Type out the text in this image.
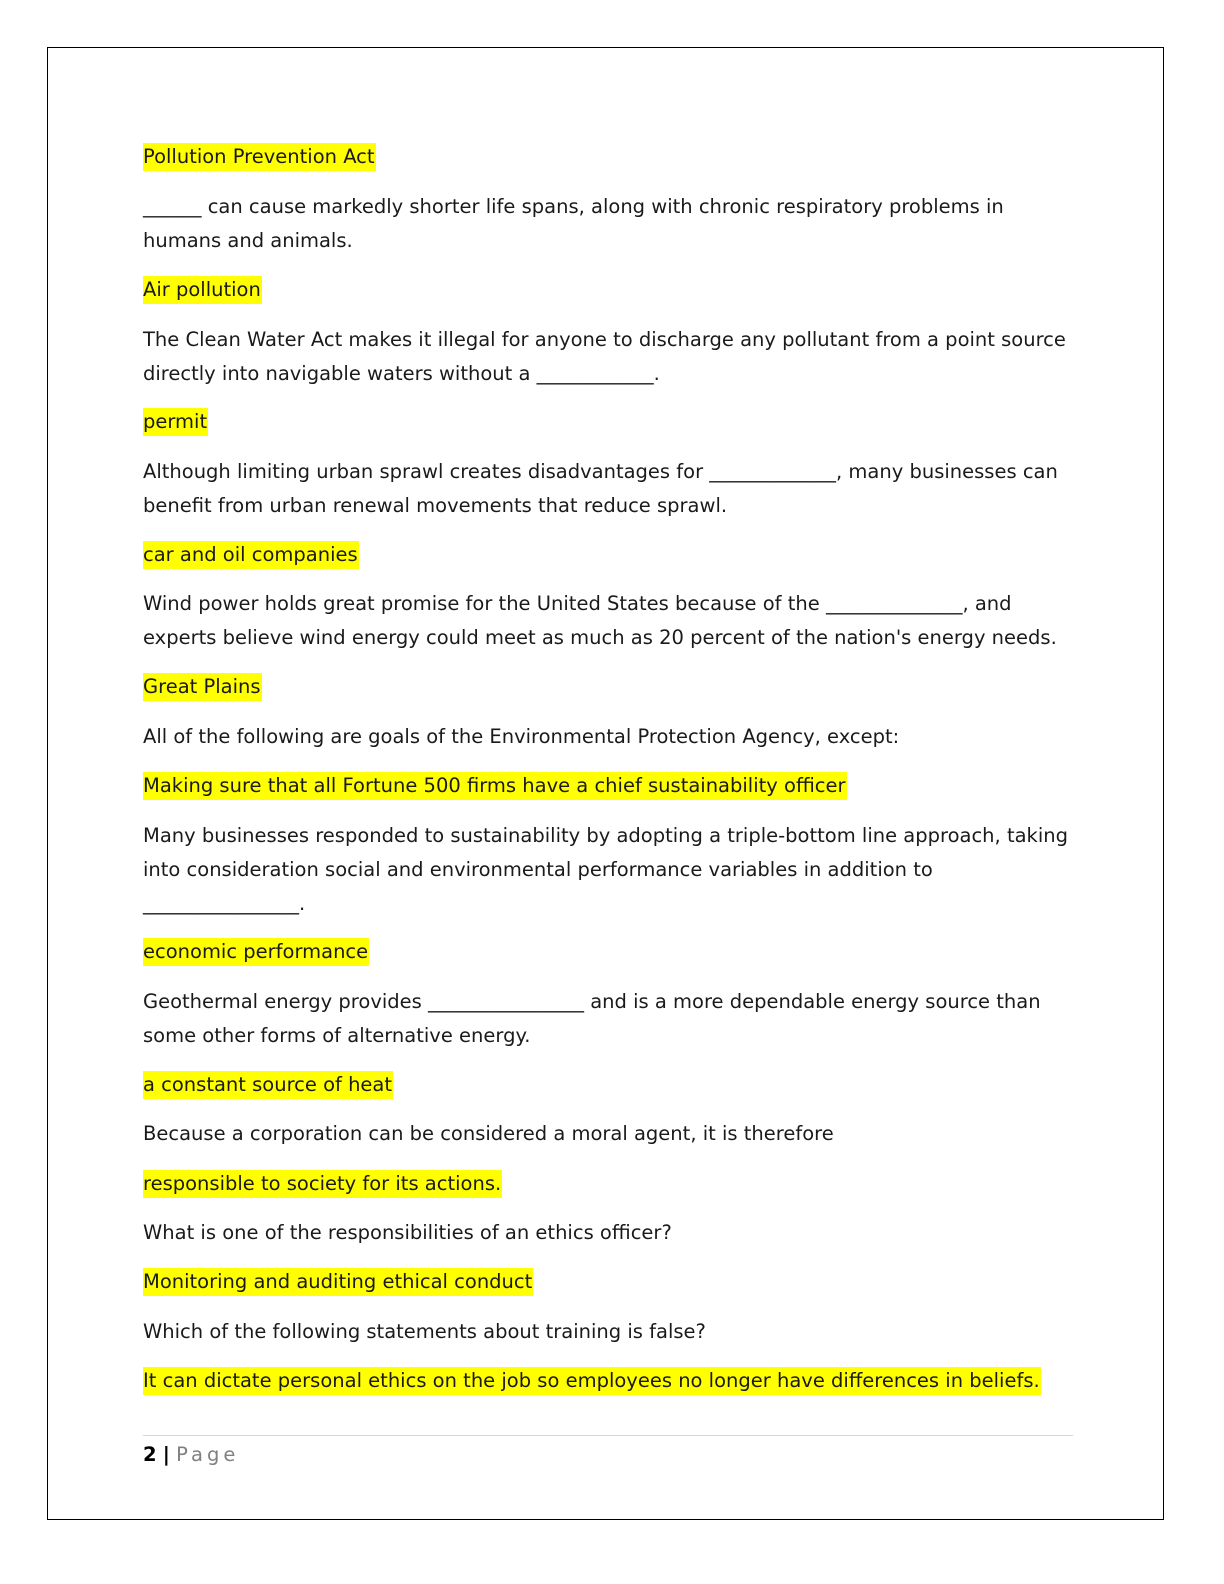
Pollution Prevention Act

______ can cause markedly shorter life spans, along with chronic respiratory problems in humans and animals.

Air pollution

The Clean Water Act makes it illegal for anyone to discharge any pollutant from a point source directly into navigable waters without a ____________.

permit

Although limiting urban sprawl creates disadvantages for _____________, many businesses can benefit from urban renewal movements that reduce sprawl.

car and oil companies

Wind power holds great promise for the United States because of the ______________, and experts believe wind energy could meet as much as 20 percent of the nation's energy needs.

Great Plains

All of the following are goals of the Environmental Protection Agency, except:

Making sure that all Fortune 500 firms have a chief sustainability officer

Many businesses responded to sustainability by adopting a triple-bottom line approach, taking into consideration social and environmental performance variables in addition to ________________.

economic performance

Geothermal energy provides ________________ and is a more dependable energy source than some other forms of alternative energy.

a constant source of heat

Because a corporation can be considered a moral agent, it is therefore

responsible to society for its actions.

What is one of the responsibilities of an ethics officer?

Monitoring and auditing ethical conduct

Which of the following statements about training is false?

It can dictate personal ethics on the job so employees no longer have differences in beliefs.

2 | Page
